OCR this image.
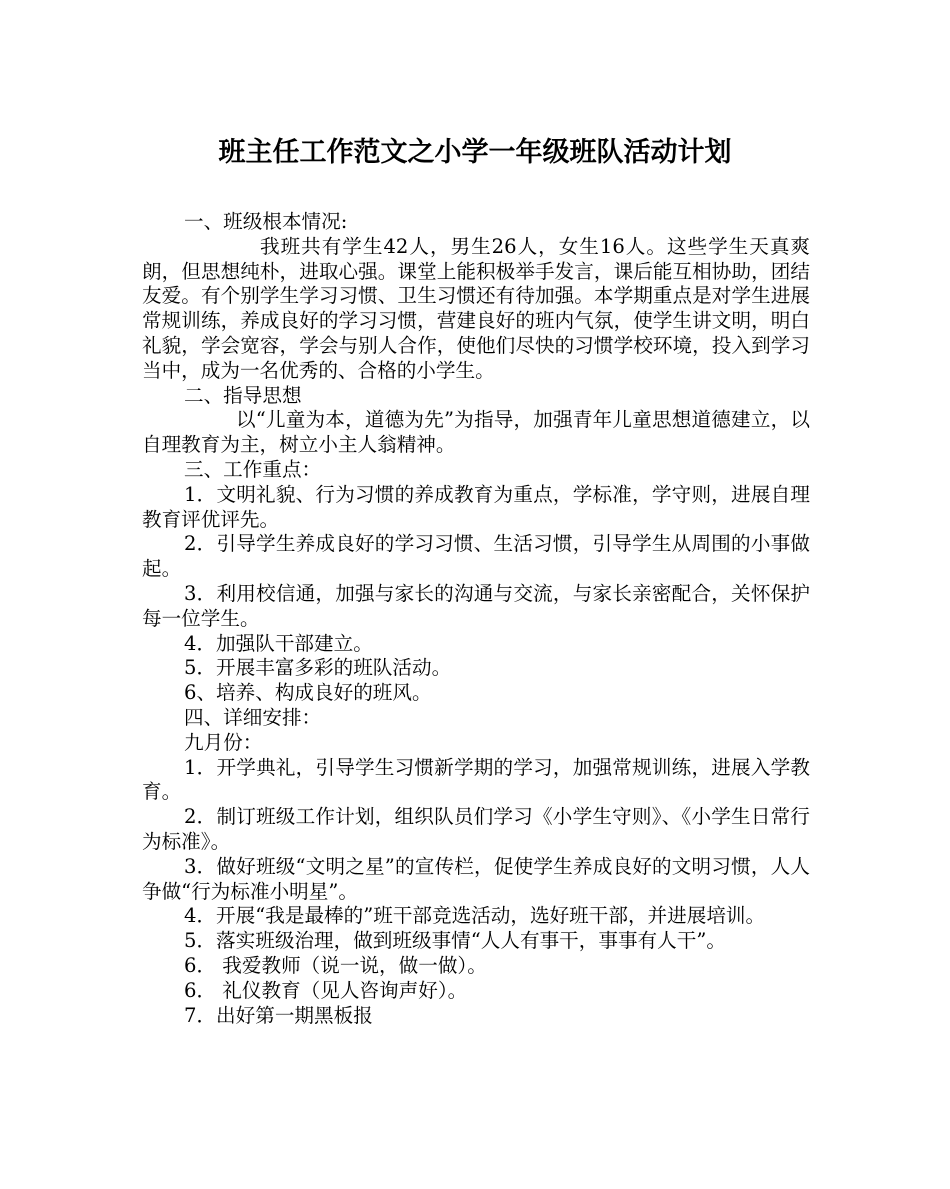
班主任工作范文之小学一年级班队活动计划

一、班级根本情况:

我班共有学生42人，男生26人，女生16人。这些学生天真爽朗，但思想纯朴，进取心强。课堂上能积极举手发言，课后能互相协助，团结友爱。有个别学生学习习惯、卫生习惯还有待加强。本学期重点是对学生进展常规训练，养成良好的学习习惯，营建良好的班内气氛，使学生讲文明，明白礼貌，学会宽容，学会与别人合作，使他们尽快的习惯学校环境，投入到学习当中，成为一名优秀的、合格的小学生。

二、指导思想

以“儿童为本，道德为先”为指导，加强青年儿童思想道德建立，以自理教育为主，树立小主人翁精神。

三、工作重点：

1．文明礼貌、行为习惯的养成教育为重点，学标准，学守则，进展自理教育评优评先。

2．引导学生养成良好的学习习惯、生活习惯，引导学生从周围的小事做起。

3．利用校信通，加强与家长的沟通与交流，与家长亲密配合，关怀保护每一位学生。

4．加强队干部建立。

5．开展丰富多彩的班队活动。

6、培养、构成良好的班风。

四、详细安排：

九月份：

1．开学典礼，引导学生习惯新学期的学习，加强常规训练，进展入学教育。

2．制订班级工作计划，组织队员们学习《小学生守则》、《小学生日常行为标准》。

3．做好班级“文明之星”的宣传栏，促使学生养成良好的文明习惯，人人争做“行为标准小明星”。

4．开展“我是最棒的”班干部竞选活动，选好班干部，并进展培训。

5．落实班级治理，做到班级事情“人人有事干，事事有人干”。

6． 我爱教师（说一说，做一做）。

6． 礼仪教育（见人咨询声好）。

7．出好第一期黑板报
